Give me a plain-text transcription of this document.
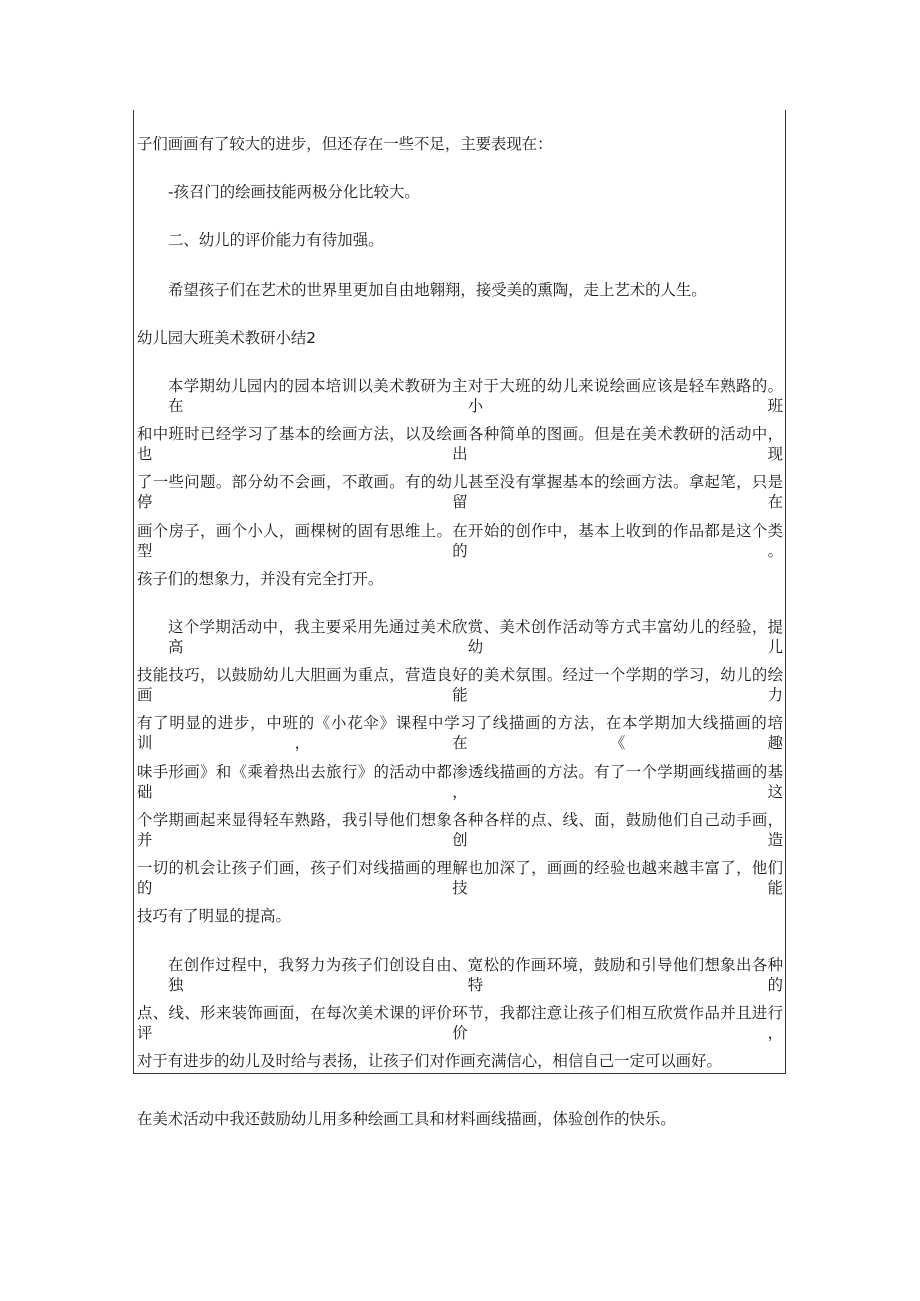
子们画画有了较大的进步，但还存在一些不足，主要表现在：
-孩召门的绘画技能两极分化比较大。
二、幼儿的评价能力有待加强。
希望孩子们在艺术的世界里更加自由地翱翔，接受美的熏陶，走上艺术的人生。
幼儿园大班美术教研小结2
本学期幼儿园内的园本培训以美术教研为主对于大班的幼儿来说绘画应该是轻车熟路的。在小班
和中班时已经学习了基本的绘画方法，以及绘画各种简单的图画。但是在美术教研的活动中，也出现
了一些问题。部分幼不会画，不敢画。有的幼儿甚至没有掌握基本的绘画方法。拿起笔，只是停留在
画个房子，画个小人，画棵树的固有思维上。在开始的创作中，基本上收到的作品都是这个类型的。
孩子们的想象力，并没有完全打开。
这个学期活动中，我主要采用先通过美术欣赏、美术创作活动等方式丰富幼儿的经验，提高幼儿
技能技巧，以鼓励幼儿大胆画为重点，营造良好的美术氛围。经过一个学期的学习，幼儿的绘画能力
有了明显的进步，中班的《小花伞》课程中学习了线描画的方法，在本学期加大线描画的培训，在《趣
味手形画》和《乘着热出去旅行》的活动中都渗透线描画的方法。有了一个学期画线描画的基础，这
个学期画起来显得轻车熟路，我引导他们想象各种各样的点、线、面，鼓励他们自己动手画，并创造
一切的机会让孩子们画，孩子们对线描画的理解也加深了，画画的经验也越来越丰富了，他们的技能
技巧有了明显的提高。
在创作过程中，我努力为孩子们创设自由、宽松的作画环境，鼓励和引导他们想象出各种独特的
点、线、形来装饰画面，在每次美术课的评价环节，我都注意让孩子们相互欣赏作品并且进行评价，
对于有进步的幼儿及时给与表扬，让孩子们对作画充满信心，相信自己一定可以画好。
在美术活动中我还鼓励幼儿用多种绘画工具和材料画线描画，体验创作的快乐。
